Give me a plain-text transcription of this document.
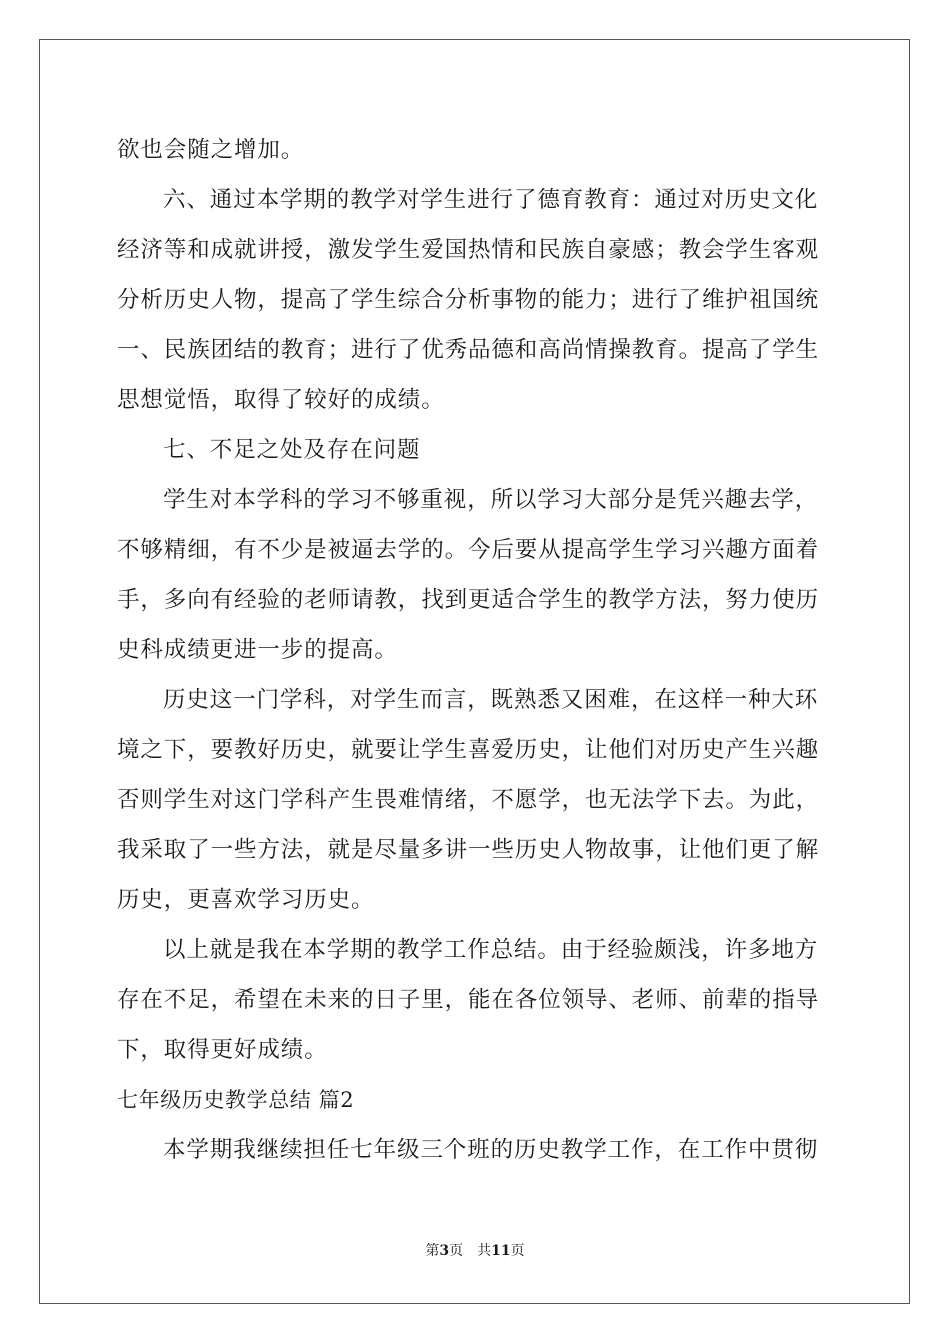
欲也会随之增加。
六、通过本学期的教学对学生进行了德育教育：通过对历史文化
经济等和成就讲授，激发学生爱国热情和民族自豪感；教会学生客观
分析历史人物，提高了学生综合分析事物的能力；进行了维护祖国统
一、民族团结的教育；进行了优秀品德和高尚情操教育。提高了学生
思想觉悟，取得了较好的成绩。
七、不足之处及存在问题
学生对本学科的学习不够重视，所以学习大部分是凭兴趣去学，
不够精细，有不少是被逼去学的。今后要从提高学生学习兴趣方面着
手，多向有经验的老师请教，找到更适合学生的教学方法，努力使历
史科成绩更进一步的提高。
历史这一门学科，对学生而言，既熟悉又困难，在这样一种大环
境之下，要教好历史，就要让学生喜爱历史，让他们对历史产生兴趣
否则学生对这门学科产生畏难情绪，不愿学，也无法学下去。为此，
我采取了一些方法，就是尽量多讲一些历史人物故事，让他们更了解
历史，更喜欢学习历史。
以上就是我在本学期的教学工作总结。由于经验颇浅，许多地方
存在不足，希望在未来的日子里，能在各位领导、老师、前辈的指导
下，取得更好成绩。
七年级历史教学总结 篇2
本学期我继续担任七年级三个班的历史教学工作，在工作中贯彻
第3页 共11页
